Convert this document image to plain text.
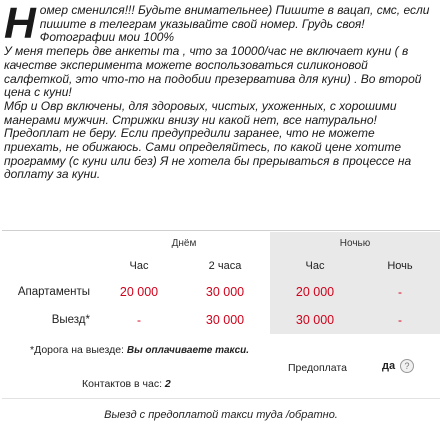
Н омер сменился!!! Будьте внимательнее) Пишите в вацап, смс, если пишите в телеграм указывайте свой номер. Грудь своя! Фотографии мои 100%

У меня теперь две анкеты та , что за 10000/час не включает куни ( в качестве эксперимента можете воспользоваться силиконовой салфеткой, это что-то на подобии презерватива для куни) . Во второй цена с куни!

Мбр и Овр включены, для здоровых, чистых, ухоженных, с хорошими манерами мужчин. Стрижки внизу ни какой нет, все натурально!

Предоплат не беру. Если предупредили заранее, что не можете приехать, не обижаюсь. Сами определяйтесь, по какой цене хотите программу (с куни или без) Я не хотела бы прерываться в процессе на доплату за куни.

	Днём		Ночью	
	Час	2 часа	Час	Ночь
Апартаменты	20 000	30 000	20 000	-
Выезд*	-	30 000	30 000	-
*Дорога на выезде: Вы оплачиваете такси.
Контактов в час: 2
Предоплата	да	?
Выезд с предоплатой такси туда /обратно.
